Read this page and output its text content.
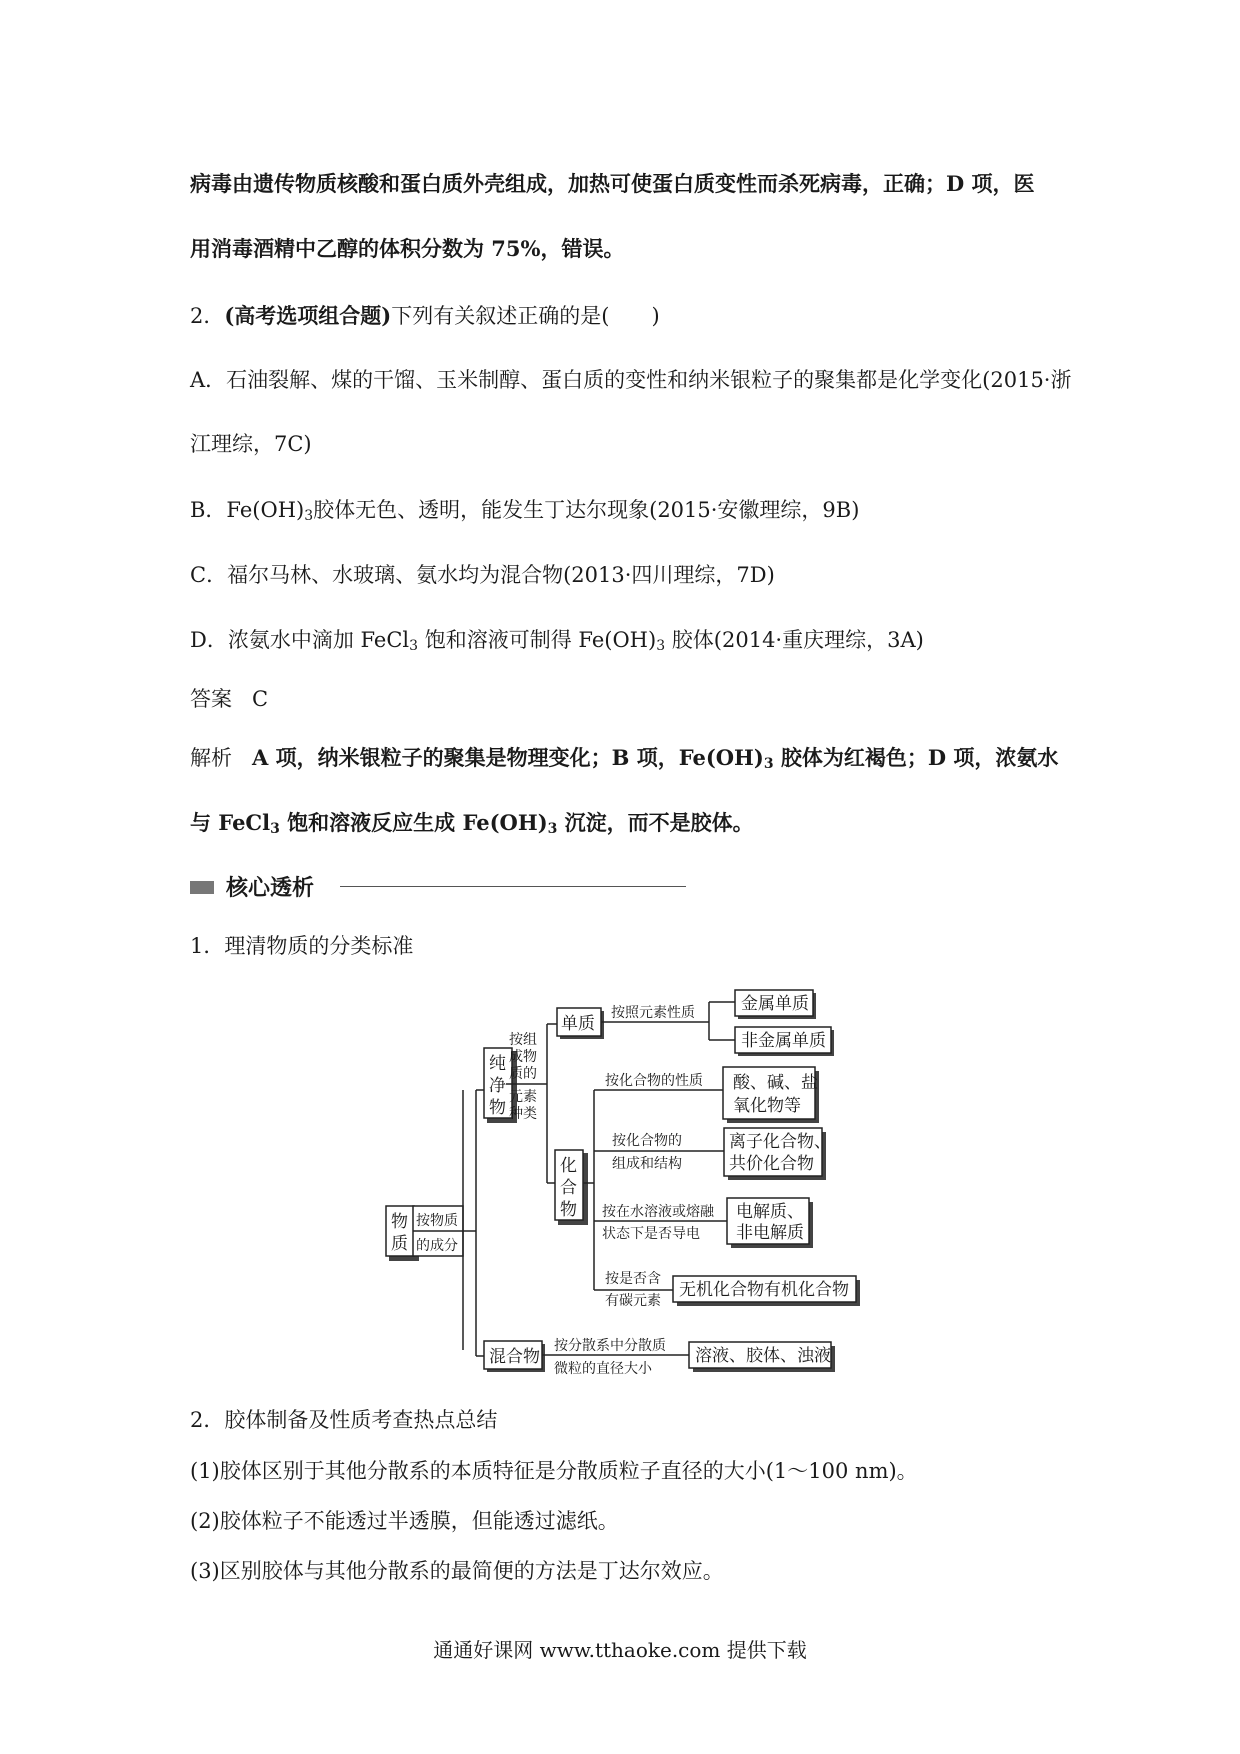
病毒由遗传物质核酸和蛋白质外壳组成，加热可使蛋白质变性而杀死病毒，正确；D 项，医
用消毒酒精中乙醇的体积分数为 75%，错误。
2．(高考选项组合题)下列有关叙述正确的是(　　)
A．石油裂解、煤的干馏、玉米制醇、蛋白质的变性和纳米银粒子的聚集都是化学变化(2015·浙
江理综，7C)
B．$Fe(OH)_3$胶体无色、透明，能发生丁达尔现象(2015·安徽理综，9B)
C．福尔马林、水玻璃、氨水均为混合物(2013·四川理综，7D)
D．浓氨水中滴加 FeCl$_3$ 饱和溶液可制得 $Fe(OH)_3$ 胶体(2014·重庆理综，3A)
答案 C
解析 A 项，纳米银粒子的聚集是物理变化；B 项，$Fe(OH)_3$ 胶体为红褐色；D 项，浓氨水
与 FeCl$_3$ 饱和溶液反应生成 $Fe(OH)_3$ 沉淀，而不是胶体。
核心透析
1．理清物质的分类标准
物
质
按物质
的成分
纯
净
物
按组
成物
质的
元素
种类
单质
按照元素性质	金属单质
非金属单质
化
合
物
按化合物的性质 酸、碱、盐
氧化物等
按化合物的
组成和结构
离子化合物、
共价化合物
按在水溶液或熔融
状态下是否导电
电解质、
非电解质
按是否含
有碳元素
无机化合物有机化合物
混合物
按分散系中分散质
微粒的直径大小
溶液、胶体、浊液
2．胶体制备及性质考查热点总结
(1)胶体区别于其他分散系的本质特征是分散质粒子直径的大小(1～100 nm)。
(2)胶体粒子不能透过半透膜，但能透过滤纸。
(3)区别胶体与其他分散系的最简便的方法是丁达尔效应。
通通好课网 www.tthaoke.com 提供下载
